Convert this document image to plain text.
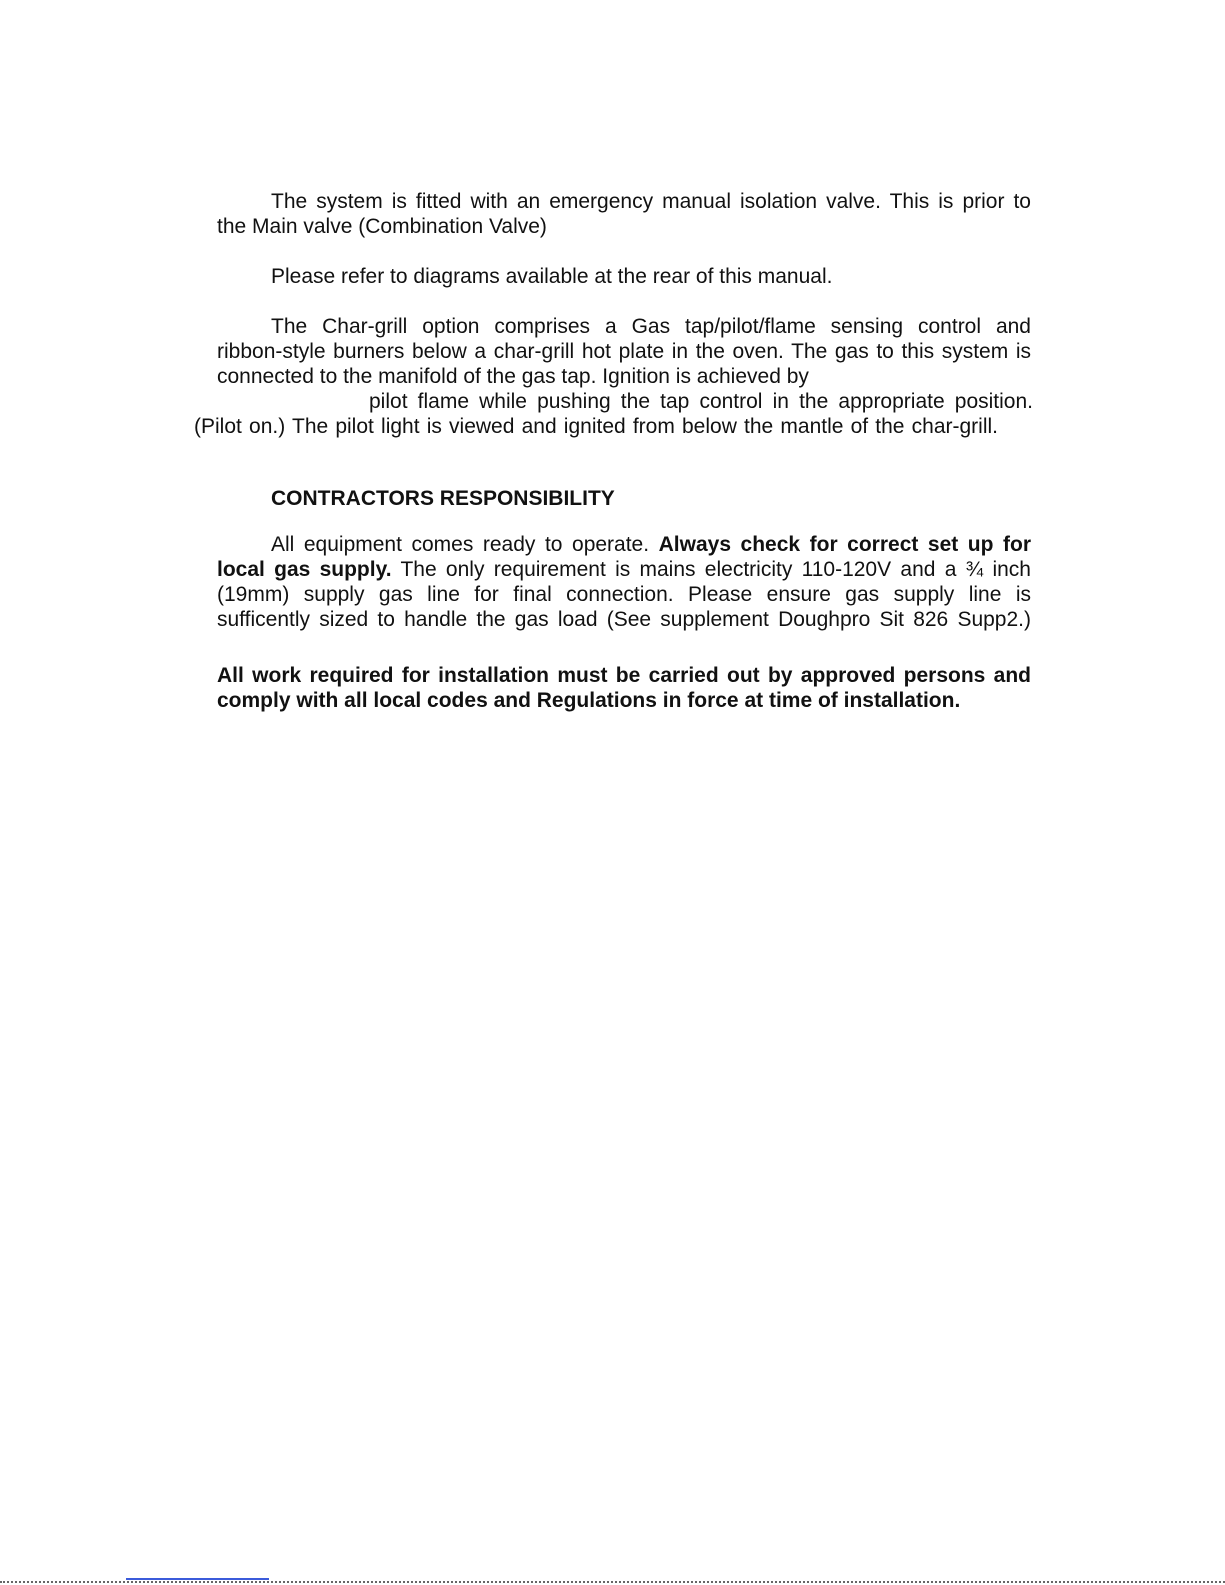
The system is fitted with an emergency manual isolation valve. This is prior to
the Main valve (Combination Valve)
Please refer to diagrams available at the rear of this manual.
The Char-grill option comprises a Gas tap/pilot/flame sensing control and
ribbon-style burners below a char-grill hot plate in the oven. The gas to this system is
connected to the manifold of the gas tap. Ignition is achieved by
pilot flame while pushing the tap control in the appropriate position.
(Pilot on.) The pilot light is viewed and ignited from below the mantle of the char-grill.
CONTRACTORS RESPONSIBILITY
All equipment comes ready to operate. Always check for correct set up for
local gas supply. The only requirement is mains electricity 110-120V and a ¾ inch
(19mm) supply gas line for final connection. Please ensure gas supply line is
sufficently sized to handle the gas load (See supplement Doughpro Sit 826 Supp2.)
All work required for installation must be carried out by approved persons and
comply with all local codes and Regulations in force at time of installation.
